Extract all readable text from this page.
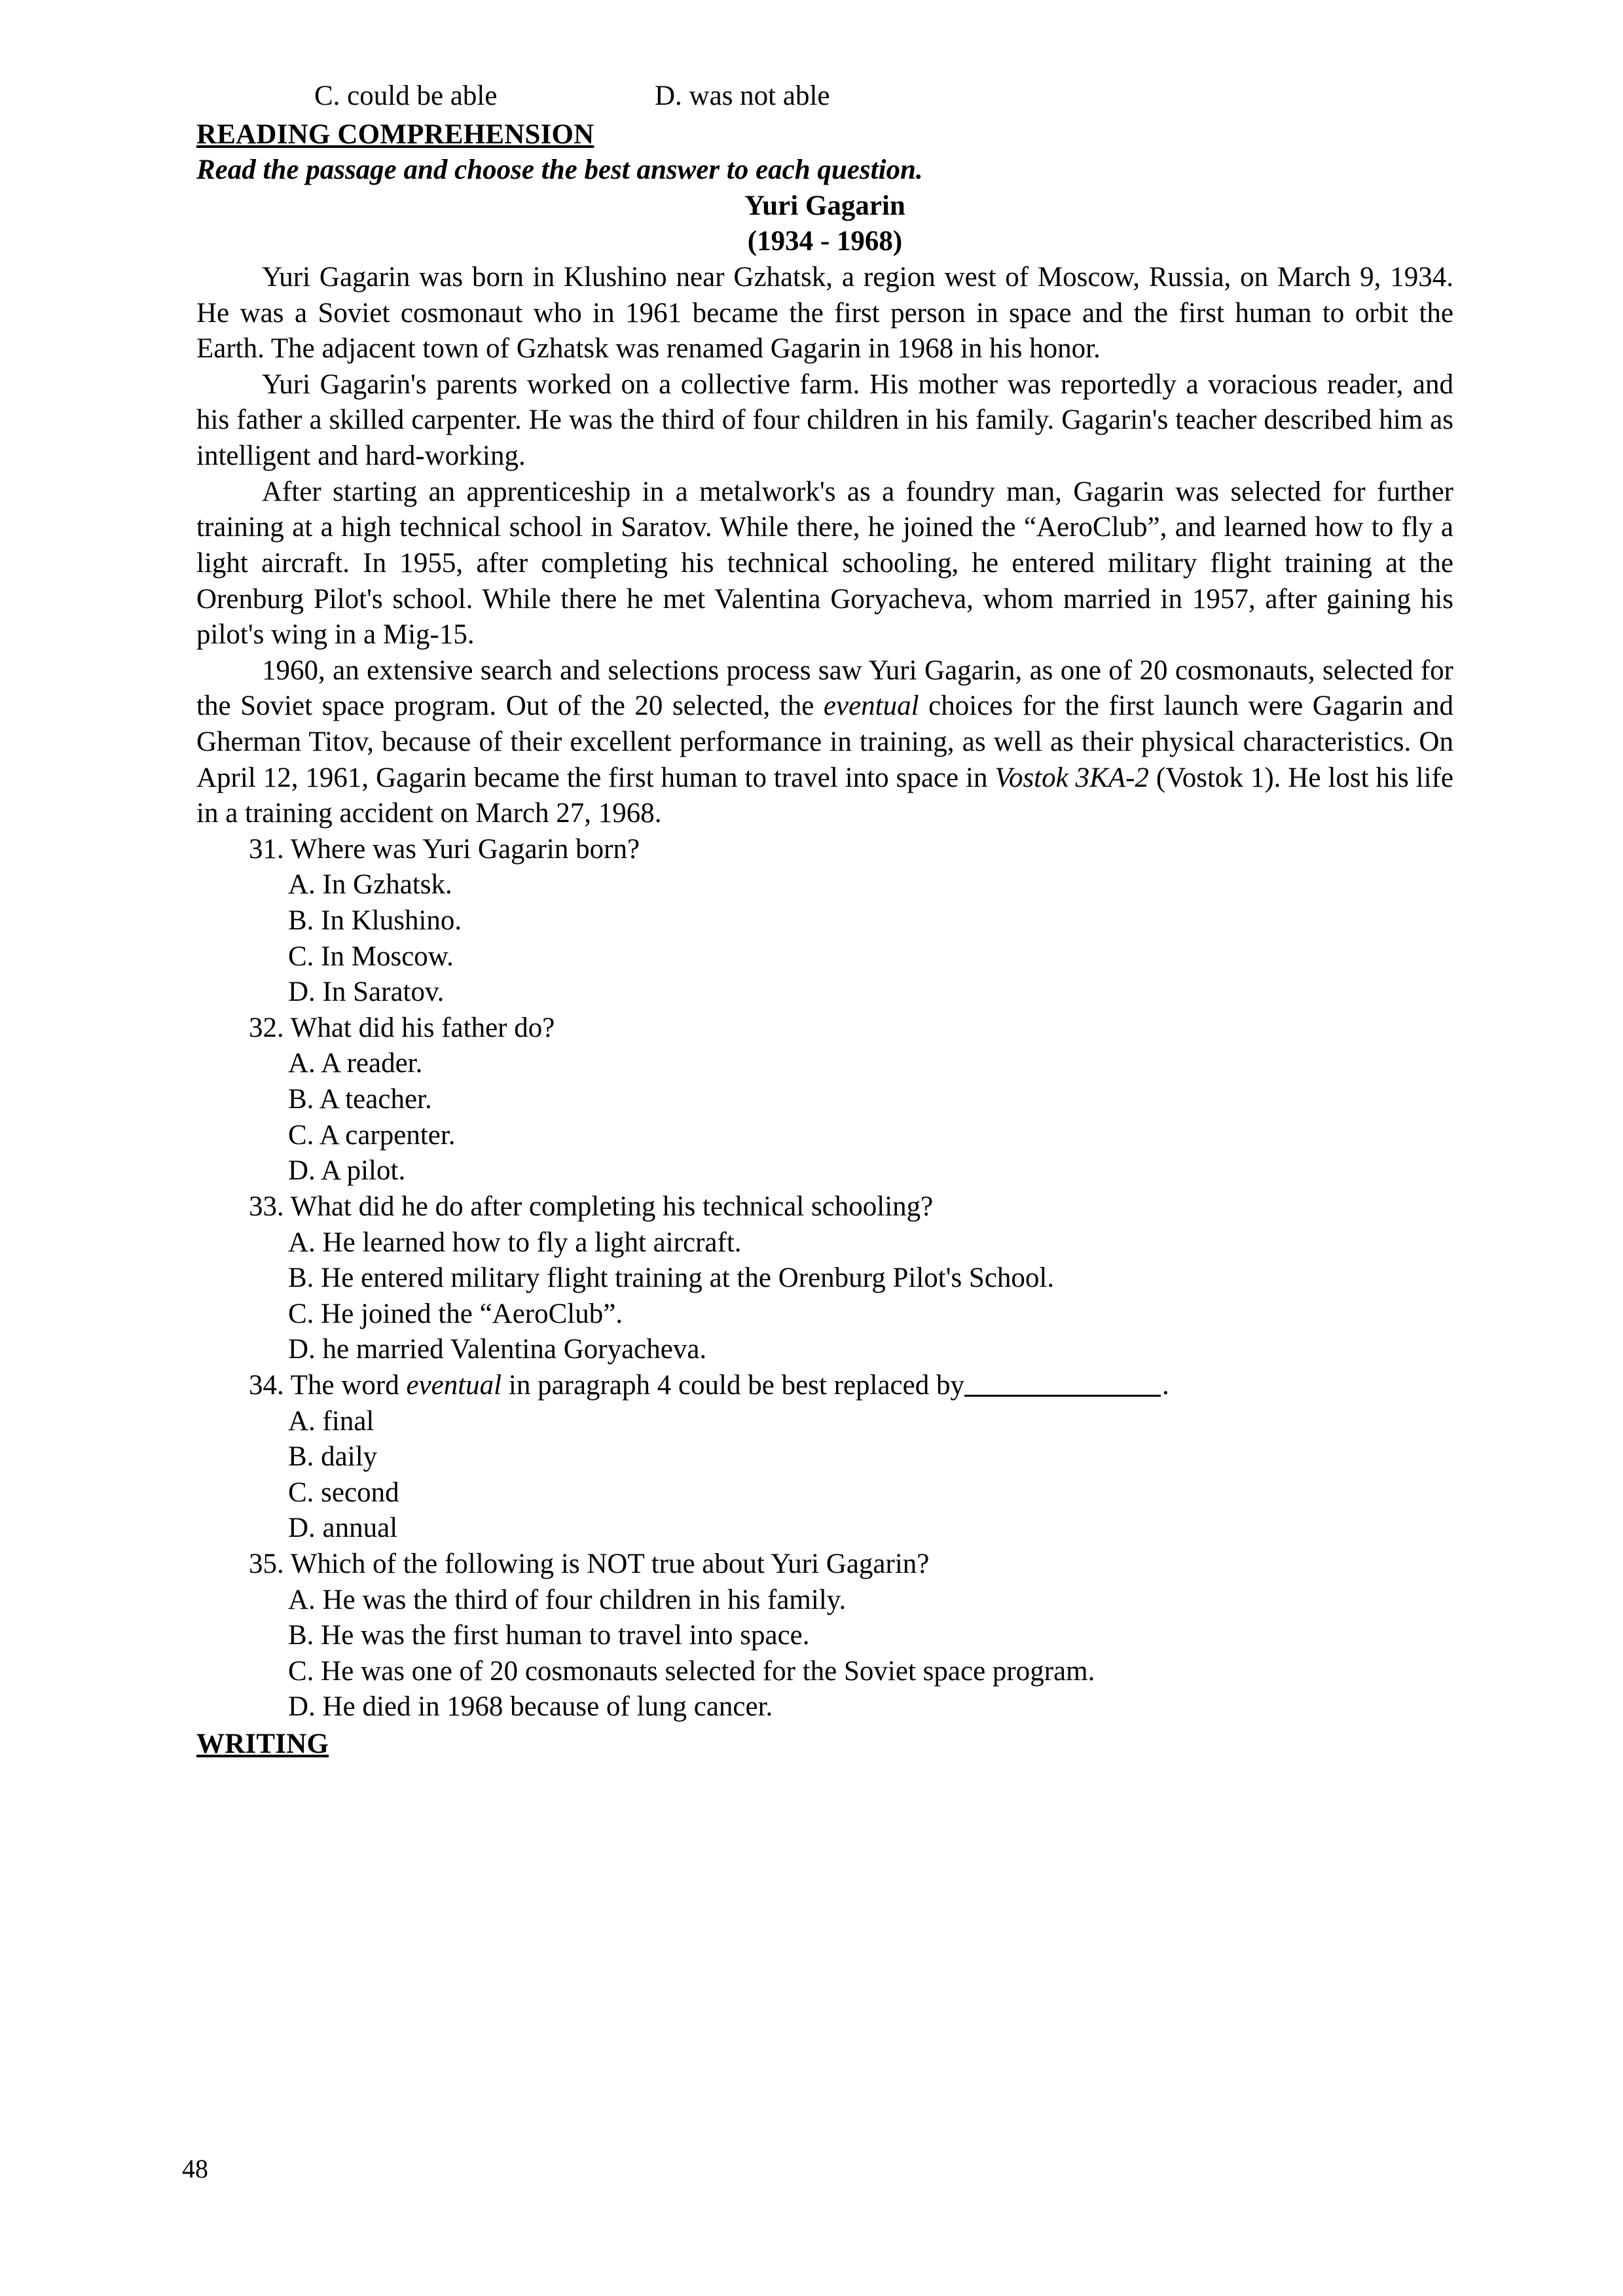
C. could be able	D. was not able
READING COMPREHENSION
Read the passage and choose the best answer to each question.
Yuri Gagarin
(1934 - 1968)

Yuri Gagarin was born in Klushino near Gzhatsk, a region west of Moscow, Russia, on March 9, 1934. He was a Soviet cosmonaut who in 1961 became the first person in space and the first human to orbit the Earth. The adjacent town of Gzhatsk was renamed Gagarin in 1968 in his honor.

Yuri Gagarin's parents worked on a collective farm. His mother was reportedly a voracious reader, and his father a skilled carpenter. He was the third of four children in his family. Gagarin's teacher described him as intelligent and hard-working.

After starting an apprenticeship in a metalwork's as a foundry man, Gagarin was selected for further training at a high technical school in Saratov. While there, he joined the “AeroClub”, and learned how to fly a light aircraft. In 1955, after completing his technical schooling, he entered military flight training at the Orenburg Pilot's school. While there he met Valentina Goryacheva, whom married in 1957, after gaining his pilot's wing in a Mig-15.

1960, an extensive search and selections process saw Yuri Gagarin, as one of 20 cosmonauts, selected for the Soviet space program. Out of the 20 selected, the eventual choices for the first launch were Gagarin and Gherman Titov, because of their excellent performance in training, as well as their physical characteristics. On April 12, 1961, Gagarin became the first human to travel into space in Vostok 3KA-2 (Vostok 1). He lost his life in a training accident on March 27, 1968.

31. Where was Yuri Gagarin born?

A. In Gzhatsk.

B. In Klushino.

C. In Moscow.

D. In Saratov.

32. What did his father do?

A. A reader.

B. A teacher.

C. A carpenter.

D. A pilot.

33. What did he do after completing his technical schooling?

A. He learned how to fly a light aircraft.

B. He entered military flight training at the Orenburg Pilot's School.

C. He joined the “AeroClub”.

D. he married Valentina Goryacheva.

34. The word eventual in paragraph 4 could be best replaced by	.

A. final

B. daily

C. second

D. annual

35. Which of the following is NOT true about Yuri Gagarin?

A. He was the third of four children in his family.

B. He was the first human to travel into space.

C. He was one of 20 cosmonauts selected for the Soviet space program.

D. He died in 1968 because of lung cancer.

WRITING
48
